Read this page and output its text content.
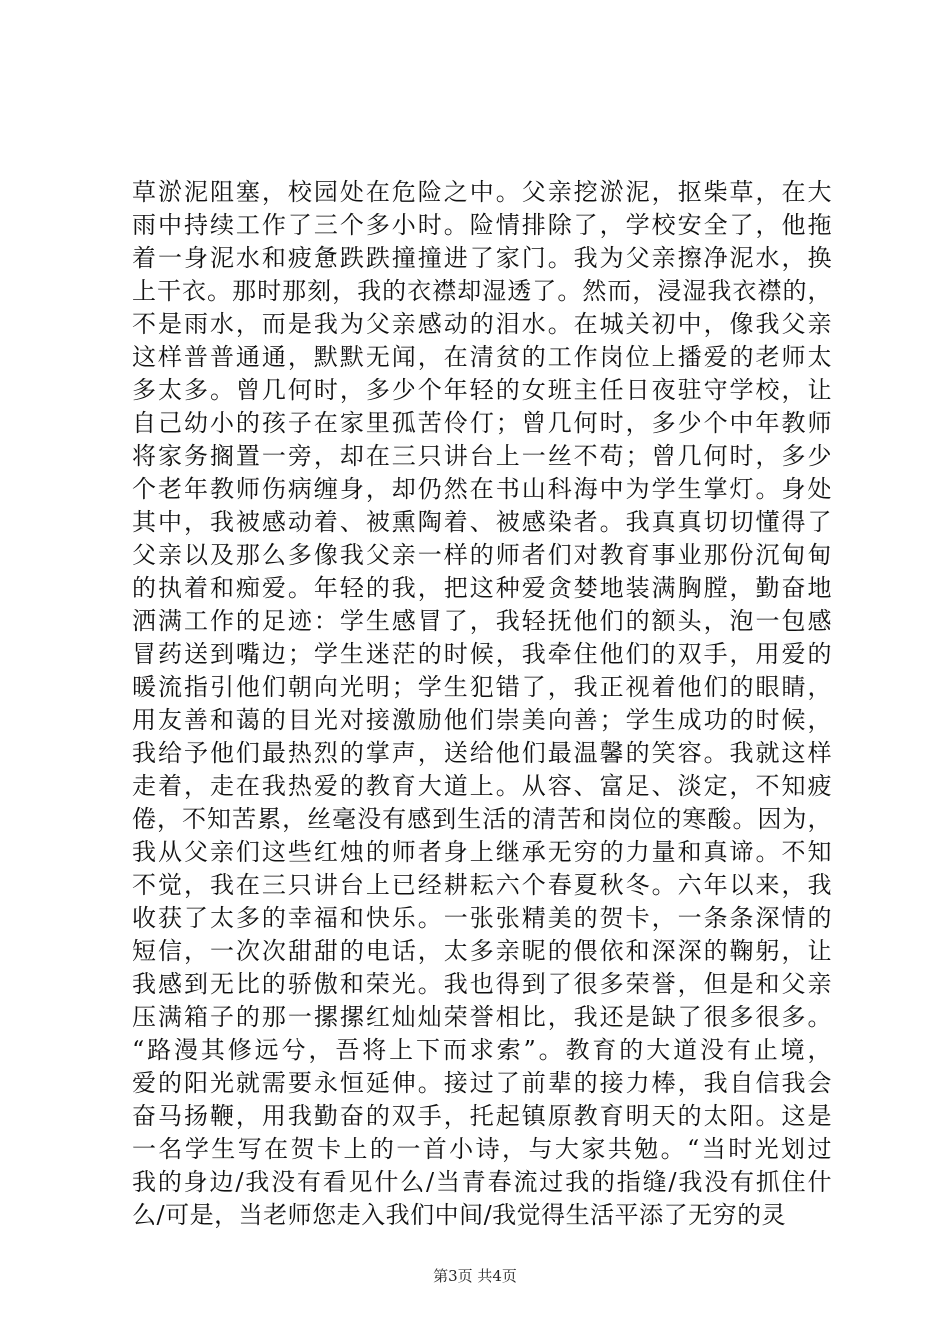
草淤泥阻塞，校园处在危险之中。父亲挖淤泥，抠柴草，在大
雨中持续工作了三个多小时。险情排除了，学校安全了，他拖
着一身泥水和疲惫跌跌撞撞进了家门。我为父亲擦净泥水，换
上干衣。那时那刻，我的衣襟却湿透了。然而，浸湿我衣襟的，
不是雨水，而是我为父亲感动的泪水。在城关初中，像我父亲
这样普普通通，默默无闻，在清贫的工作岗位上播爱的老师太
多太多。曾几何时，多少个年轻的女班主任日夜驻守学校，让
自己幼小的孩子在家里孤苦伶仃；曾几何时，多少个中年教师
将家务搁置一旁，却在三只讲台上一丝不苟；曾几何时，多少
个老年教师伤病缠身，却仍然在书山科海中为学生掌灯。身处
其中，我被感动着、被熏陶着、被感染者。我真真切切懂得了
父亲以及那么多像我父亲一样的师者们对教育事业那份沉甸甸
的执着和痴爱。年轻的我，把这种爱贪婪地装满胸膛，勤奋地
洒满工作的足迹：学生感冒了，我轻抚他们的额头，泡一包感
冒药送到嘴边；学生迷茫的时候，我牵住他们的双手，用爱的
暖流指引他们朝向光明；学生犯错了，我正视着他们的眼睛，
用友善和蔼的目光对接激励他们崇美向善；学生成功的时候，
我给予他们最热烈的掌声，送给他们最温馨的笑容。我就这样
走着，走在我热爱的教育大道上。从容、富足、淡定，不知疲
倦，不知苦累，丝毫没有感到生活的清苦和岗位的寒酸。因为，
我从父亲们这些红烛的师者身上继承无穷的力量和真谛。不知
不觉，我在三只讲台上已经耕耘六个春夏秋冬。六年以来，我
收获了太多的幸福和快乐。一张张精美的贺卡，一条条深情的
短信，一次次甜甜的电话，太多亲昵的偎依和深深的鞠躬，让
我感到无比的骄傲和荣光。我也得到了很多荣誉，但是和父亲
压满箱子的那一摞摞红灿灿荣誉相比，我还是缺了很多很多。
“路漫其修远兮，吾将上下而求索”。教育的大道没有止境，
爱的阳光就需要永恒延伸。接过了前辈的接力棒，我自信我会
奋马扬鞭，用我勤奋的双手，托起镇原教育明天的太阳。这是
一名学生写在贺卡上的一首小诗，与大家共勉。“当时光划过
我的身边/我没有看见什么/当青春流过我的指缝/我没有抓住什
么/可是，当老师您走入我们中间/我觉得生活平添了无穷的灵
第3页 共4页
